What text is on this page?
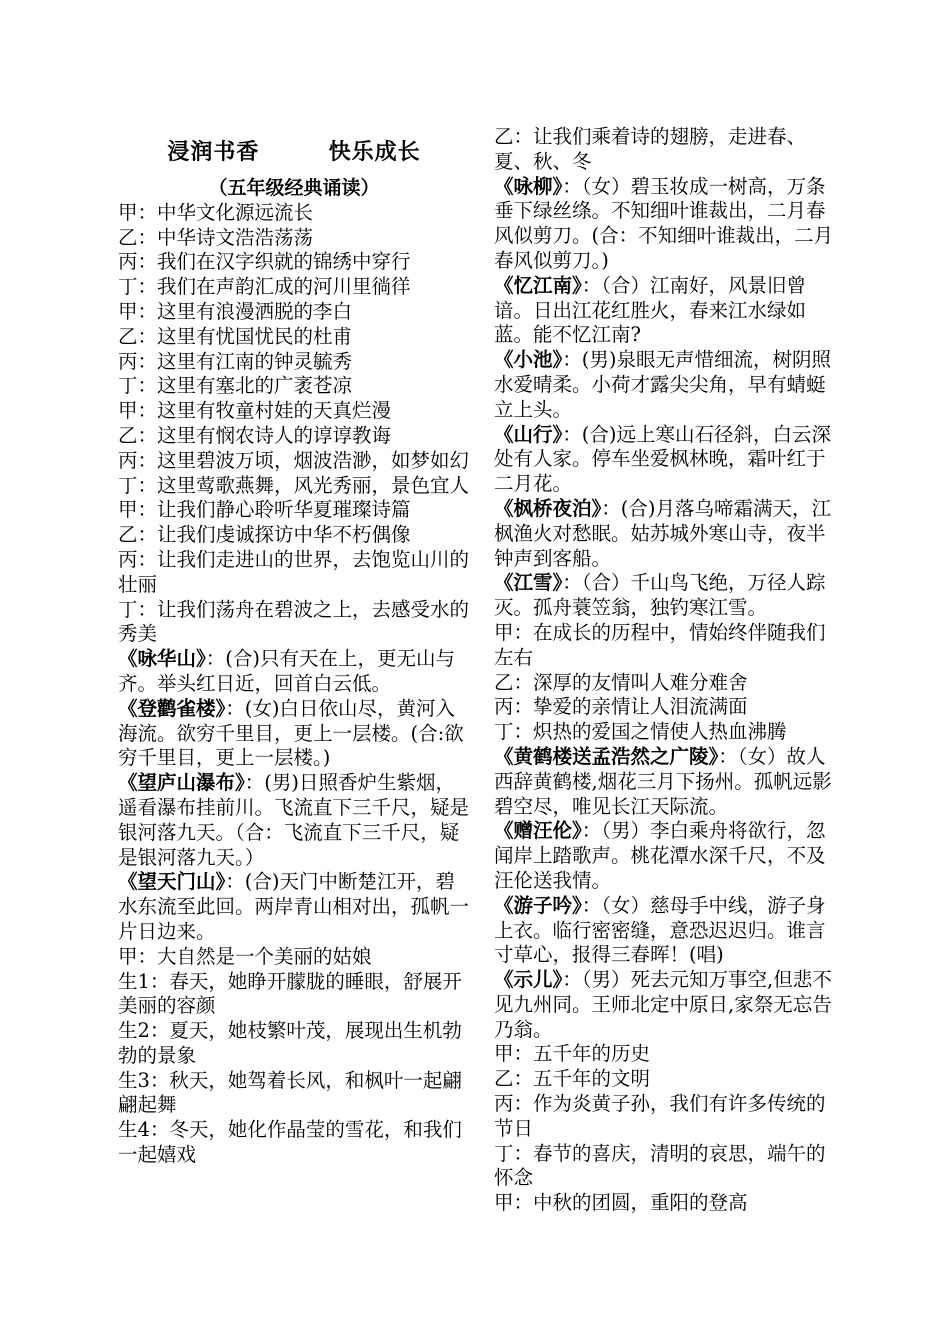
浸润书香        快乐成长
（五年级经典诵读）

甲：中华文化源远流长

乙：中华诗文浩浩荡荡

丙：我们在汉字织就的锦绣中穿行

丁：我们在声韵汇成的河川里徜徉

甲：这里有浪漫洒脱的李白

乙：这里有忧国忧民的杜甫

丙：这里有江南的钟灵毓秀

丁：这里有塞北的广袤苍凉

甲：这里有牧童村娃的天真烂漫

乙：这里有悯农诗人的谆谆教诲

丙：这里碧波万顷，烟波浩渺，如梦如幻

丁：这里莺歌燕舞，风光秀丽，景色宜人

甲：让我们静心聆听华夏璀璨诗篇

乙：让我们虔诚探访中华不朽偶像

丙：让我们走进山的世界，去饱览山川的壮丽

丁：让我们荡舟在碧波之上，去感受水的秀美

《咏华山》：(合)只有天在上，更无山与齐。举头红日近，回首白云低。

《登鹳雀楼》：(女)白日依山尽，黄河入海流。欲穷千里目，更上一层楼。(合:欲穷千里目，更上一层楼。)

《望庐山瀑布》：(男)日照香炉生紫烟，遥看瀑布挂前川。飞流直下三千尺，疑是银河落九天。（合：飞流直下三千尺，疑是银河落九天。）

《望天门山》：(合)天门中断楚江开，碧水东流至此回。两岸青山相对出，孤帆一片日边来。

甲：大自然是一个美丽的姑娘

生1：春天，她睁开朦胧的睡眼，舒展开美丽的容颜

生2：夏天，她枝繁叶茂，展现出生机勃勃的景象

生3：秋天，她驾着长风，和枫叶一起翩翩起舞

生4：冬天，她化作晶莹的雪花，和我们一起嬉戏

乙：让我们乘着诗的翅膀，走进春、夏、秋、冬

《咏柳》：（女）碧玉妆成一树高，万条垂下绿丝绦。不知细叶谁裁出，二月春风似剪刀。(合：不知细叶谁裁出，二月春风似剪刀。)

《忆江南》：（合）江南好，风景旧曾谙。日出江花红胜火，春来江水绿如蓝。能不忆江南?

《小池》：(男)泉眼无声惜细流，树阴照水爱晴柔。小荷才露尖尖角，早有蜻蜓立上头。

《山行》：(合)远上寒山石径斜，白云深处有人家。停车坐爱枫林晚，霜叶红于二月花。

《枫桥夜泊》：(合)月落乌啼霜满天，江枫渔火对愁眠。姑苏城外寒山寺，夜半钟声到客船。

《江雪》：（合）千山鸟飞绝，万径人踪灭。孤舟蓑笠翁，独钓寒江雪。

甲：在成长的历程中，情始终伴随我们左右

乙：深厚的友情叫人难分难舍

丙：挚爱的亲情让人泪流满面

丁：炽热的爱国之情使人热血沸腾

《黄鹤楼送孟浩然之广陵》：（女）故人西辞黄鹤楼,烟花三月下扬州。孤帆远影碧空尽，唯见长江天际流。

《赠汪伦》：（男）李白乘舟将欲行，忽闻岸上踏歌声。桃花潭水深千尺，不及汪伦送我情。

《游子吟》：（女）慈母手中线，游子身上衣。临行密密缝，意恐迟迟归。谁言寸草心，报得三春晖！(唱)

《示儿》：（男）死去元知万事空,但悲不见九州同。王师北定中原日,家祭无忘告乃翁。

甲：五千年的历史

乙：五千年的文明

丙：作为炎黄子孙，我们有许多传统的节日

丁：春节的喜庆，清明的哀思，端午的怀念

甲：中秋的团圆，重阳的登高
